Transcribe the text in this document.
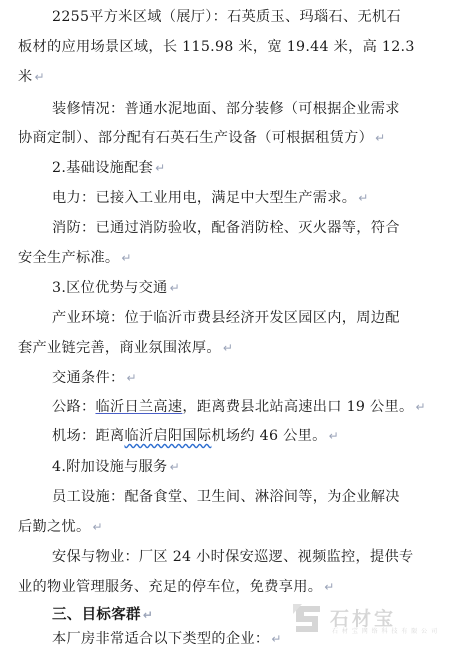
2255平方米区域（展厅）：石英质玉、玛瑙石、无机石
板材的应用场景区域，长 115.98 米，宽 19.44 米，高 12.3
米 ↵
装修情况：普通水泥地面、部分装修（可根据企业需求
协商定制）、部分配有石英石生产设备（可根据租赁方） ↵
2.基础设施配套 ↵
电力：已接入工业用电，满足中大型生产需求。 ↵
消防：已通过消防验收，配备消防栓、灭火器等，符合
安全生产标准。 ↵
3.区位优势与交通 ↵
产业环境：位于临沂市费县经济开发区园区内，周边配
套产业链完善，商业氛围浓厚。 ↵
交通条件： ↵
公路：临沂日兰高速，距离费县北站高速出口 19 公里。 ↵
机场：距离临沂启阳国际机场约 46 公里。 ↵
4.附加设施与服务 ↵
员工设施：配备食堂、卫生间、淋浴间等，为企业解决
后勤之忧。 ↵
安保与物业：厂区 24 小时保安巡逻、视频监控，提供专
业的物业管理服务、充足的停车位，免费享用。 ↵
三、目标客群 ↵
本厂房非常适合以下类型的企业： ↵
石材宝
石 材 宝 网 络 科 技 有 限 公 司
